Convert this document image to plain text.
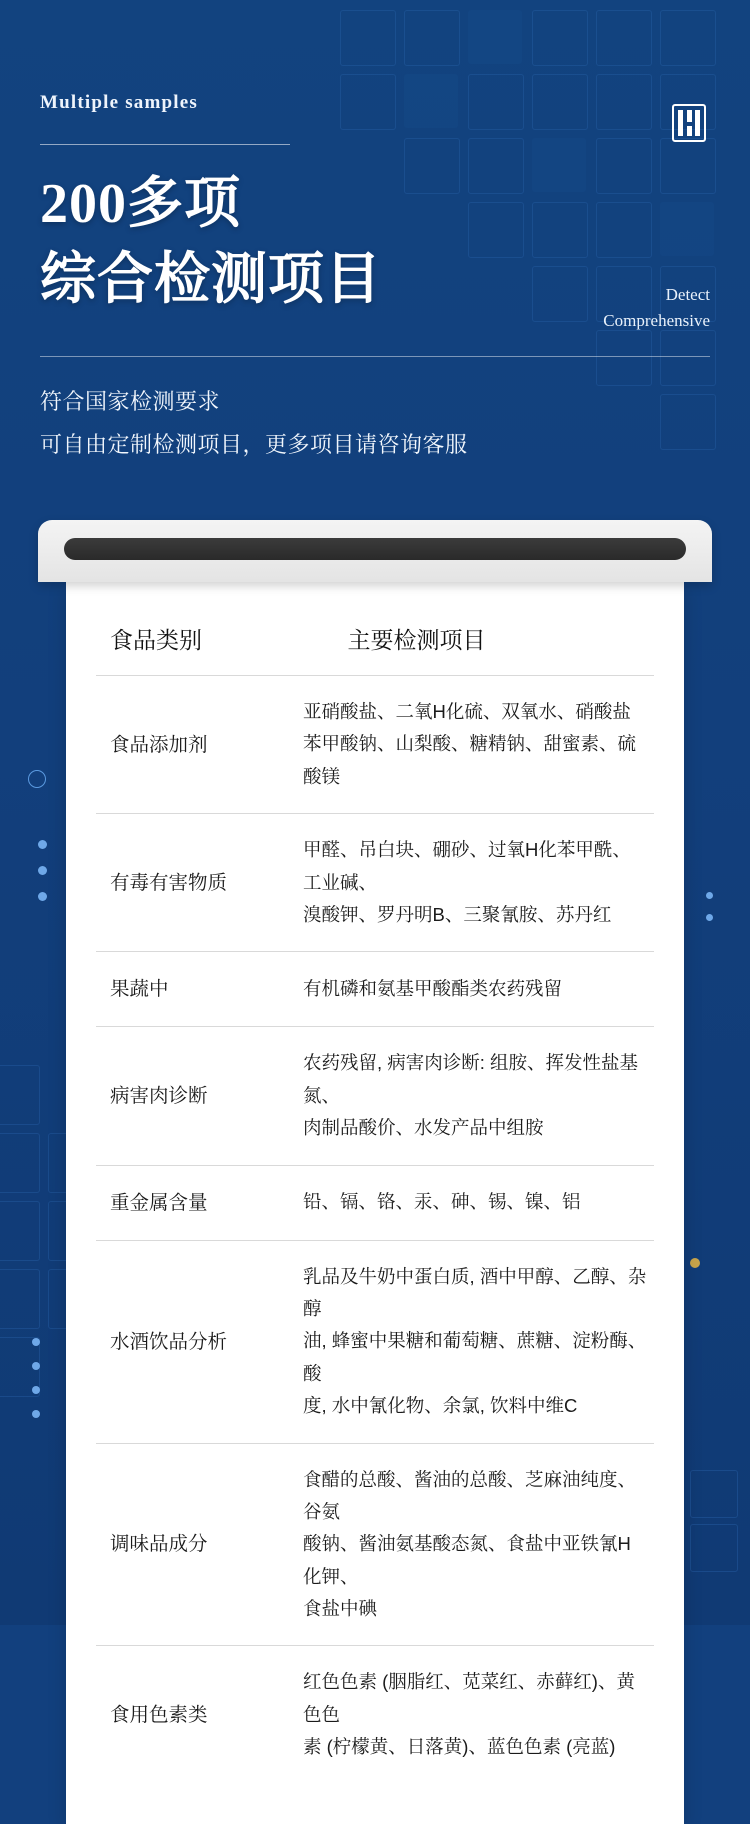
Multiple samples
200多项
综合检测项目	Detect
Comprehensive
符合国家检测要求
可自由定制检测项目，更多项目请咨询客服
食品类别	主要检测项目

食品添加剂	亚硝酸盐、二氧H化硫、双氧水、硝酸盐
苯甲酸钠、山梨酸、糖精钠、甜蜜素、硫酸镁

有毒有害物质	甲醛、吊白块、硼砂、过氧H化苯甲酰、工业碱、
溴酸钾、罗丹明B、三聚氰胺、苏丹红

果蔬中	有机磷和氨基甲酸酯类农药残留

病害肉诊断	农药残留, 病害肉诊断: 组胺、挥发性盐基氮、
肉制品酸价、水发产品中组胺

重金属含量	铅、镉、铬、汞、砷、锡、镍、铝

水酒饮品分析	乳品及牛奶中蛋白质, 酒中甲醇、乙醇、杂醇
油, 蜂蜜中果糖和葡萄糖、蔗糖、淀粉酶、酸
度, 水中氰化物、余氯, 饮料中维C

调味品成分	食醋的总酸、酱油的总酸、芝麻油纯度、谷氨
酸钠、酱油氨基酸态氮、食盐中亚铁氰H化钾、
食盐中碘

食用色素类	红色色素 (胭脂红、苋菜红、赤藓红)、黄色色
素 (柠檬黄、日落黄)、蓝色色素 (亮蓝)
